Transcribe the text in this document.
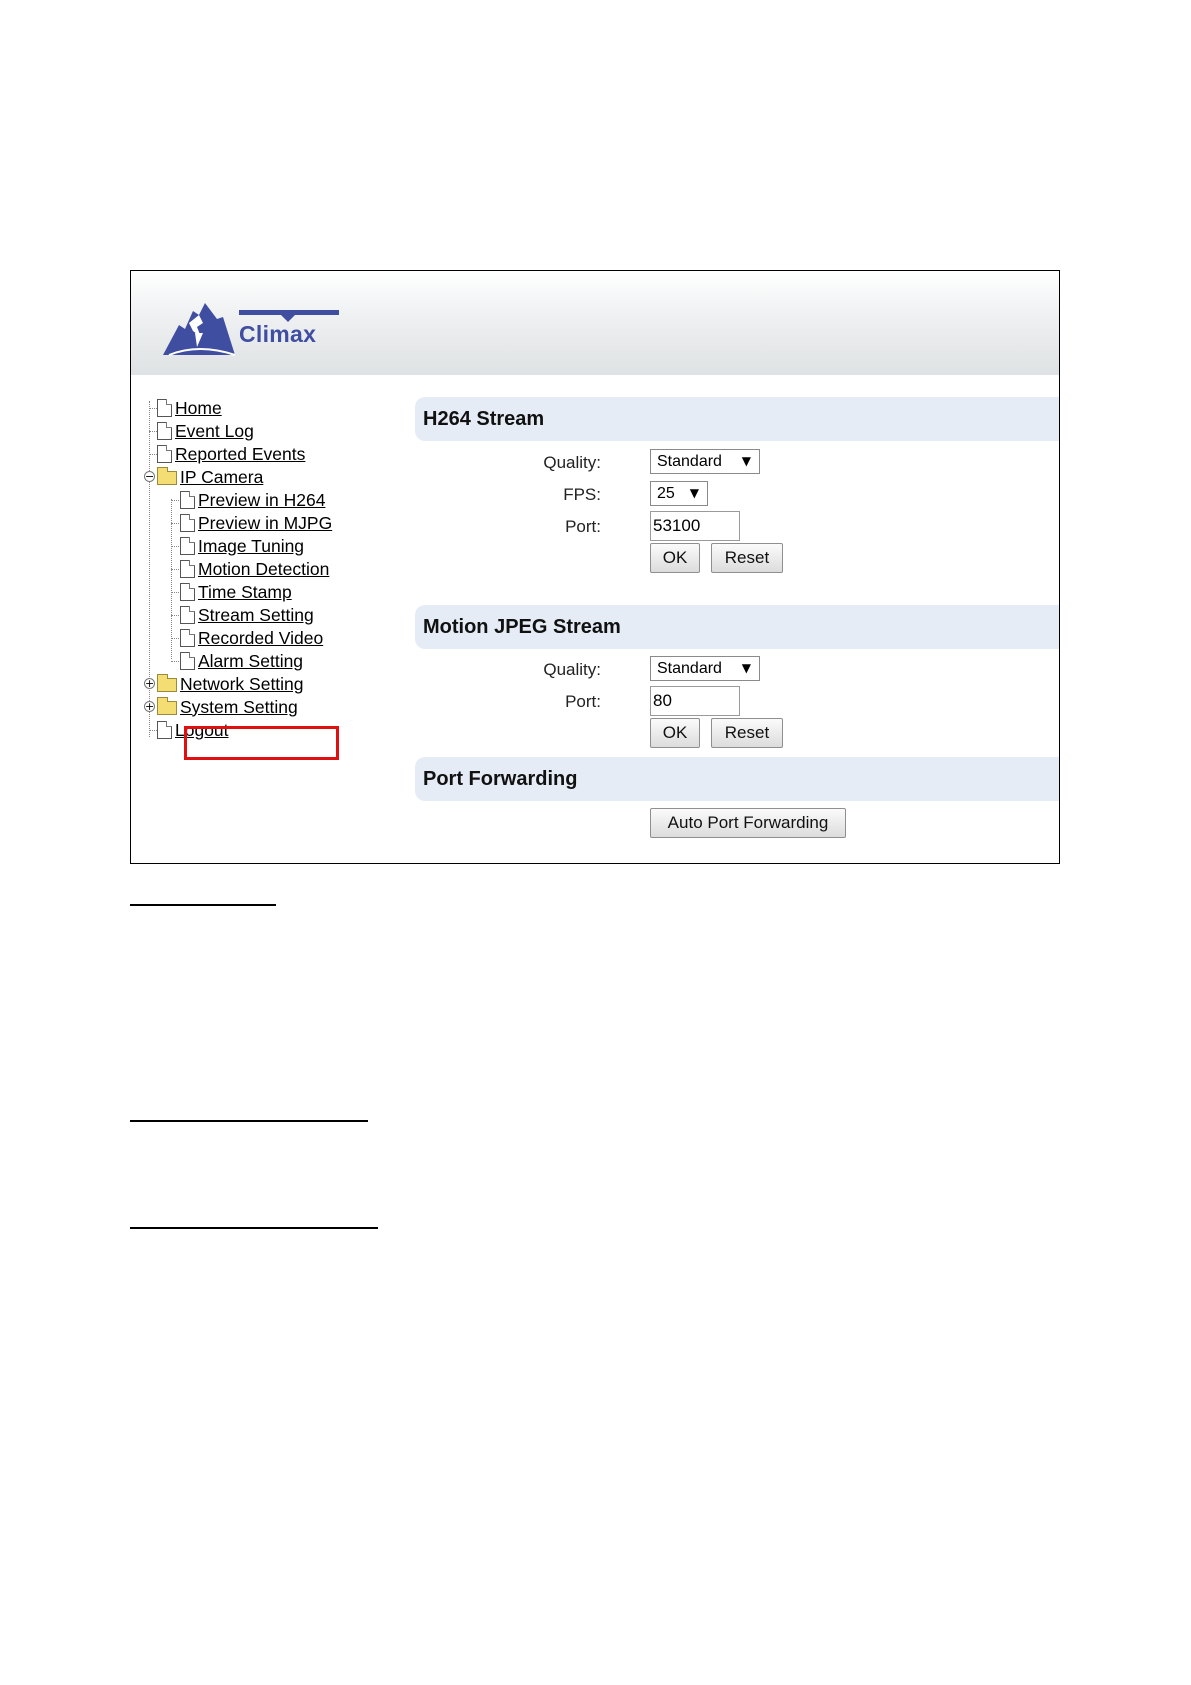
Climax
Home
Event Log
Reported Events
− IP Camera
Preview in H264
Preview in MJPG
Image Tuning
Motion Detection
Time Stamp
Stream Setting
Recorded Video
Alarm Setting
+ Network Setting
+ System Setting
Logout
H264 Stream
Quality:	Standard ▼
FPS:	25 ▼
Port:	53100
OK	Reset
Motion JPEG Stream
Quality:	Standard ▼
Port:	80
OK	Reset
Port Forwarding
Auto Port Forwarding
